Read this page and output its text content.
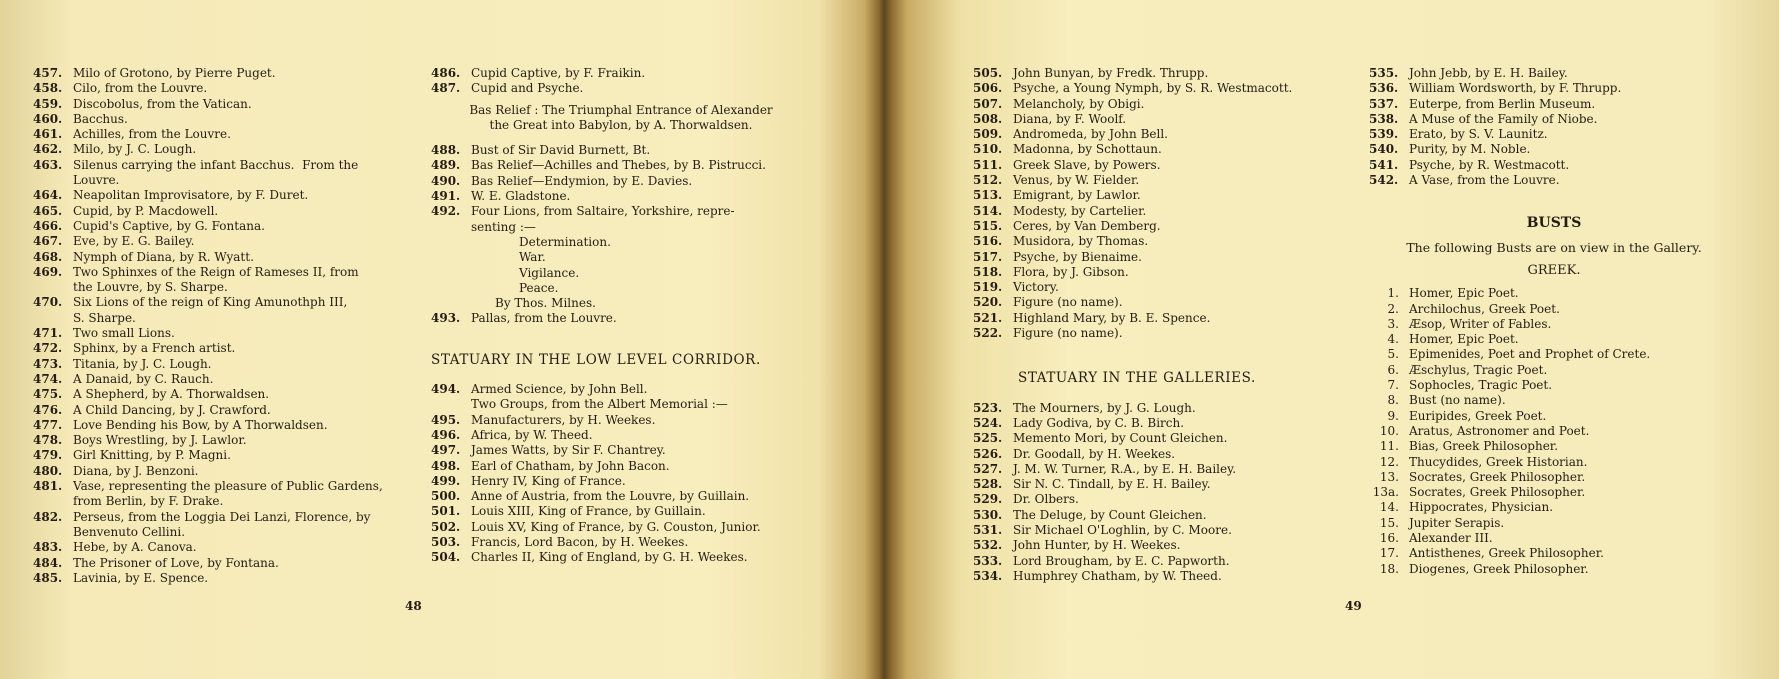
457. Milo of Grotono, by Pierre Puget.
458. Cilo, from the Louvre.
459. Discobolus, from the Vatican.
460. Bacchus.
461. Achilles, from the Louvre.
462. Milo, by J. C. Lough.
463. Silenus carrying the infant Bacchus.  From the
Louvre.
464. Neapolitan Improvisatore, by F. Duret.
465. Cupid, by P. Macdowell.
466. Cupid's Captive, by G. Fontana.
467. Eve, by E. G. Bailey.
468. Nymph of Diana, by R. Wyatt.
469. Two Sphinxes of the Reign of Rameses II, from
the Louvre, by S. Sharpe.
470. Six Lions of the reign of King Amunothph III,
S. Sharpe.
471. Two small Lions.
472. Sphinx, by a French artist.
473. Titania, by J. C. Lough.
474. A Danaid, by C. Rauch.
475. A Shepherd, by A. Thorwaldsen.
476. A Child Dancing, by J. Crawford.
477. Love Bending his Bow, by A Thorwaldsen.
478. Boys Wrestling, by J. Lawlor.
479. Girl Knitting, by P. Magni.
480. Diana, by J. Benzoni.
481. Vase, representing the pleasure of Public Gardens,
from Berlin, by F. Drake.
482. Perseus, from the Loggia Dei Lanzi, Florence, by
Benvenuto Cellini.
483. Hebe, by A. Canova.
484. The Prisoner of Love, by Fontana.
485. Lavinia, by E. Spence.
486. Cupid Captive, by F. Fraikin.
487. Cupid and Psyche.
Bas Relief : The Triumphal Entrance of Alexander
the Great into Babylon, by A. Thorwaldsen.
488. Bust of Sir David Burnett, Bt.
489. Bas Relief—Achilles and Thebes, by B. Pistrucci.
490. Bas Relief—Endymion, by E. Davies.
491. W. E. Gladstone.
492. Four Lions, from Saltaire, Yorkshire, repre-
senting :—
Determination.
War.
Vigilance.
Peace.
By Thos. Milnes.
493. Pallas, from the Louvre.
STATUARY IN THE LOW LEVEL CORRIDOR.
494. Armed Science, by John Bell.
Two Groups, from the Albert Memorial :—
495. Manufacturers, by H. Weekes.
496. Africa, by W. Theed.
497. James Watts, by Sir F. Chantrey.
498. Earl of Chatham, by John Bacon.
499. Henry IV, King of France.
500. Anne of Austria, from the Louvre, by Guillain.
501. Louis XIII, King of France, by Guillain.
502. Louis XV, King of France, by G. Couston, Junior.
503. Francis, Lord Bacon, by H. Weekes.
504. Charles II, King of England, by G. H. Weekes.
48
505. John Bunyan, by Fredk. Thrupp.
506. Psyche, a Young Nymph, by S. R. Westmacott.
507. Melancholy, by Obigi.
508. Diana, by F. Woolf.
509. Andromeda, by John Bell.
510. Madonna, by Schottaun.
511. Greek Slave, by Powers.
512. Venus, by W. Fielder.
513. Emigrant, by Lawlor.
514. Modesty, by Cartelier.
515. Ceres, by Van Demberg.
516. Musidora, by Thomas.
517. Psyche, by Bienaime.
518. Flora, by J. Gibson.
519. Victory.
520. Figure (no name).
521. Highland Mary, by B. E. Spence.
522. Figure (no name).
STATUARY IN THE GALLERIES.
523. The Mourners, by J. G. Lough.
524. Lady Godiva, by C. B. Birch.
525. Memento Mori, by Count Gleichen.
526. Dr. Goodall, by H. Weekes.
527. J. M. W. Turner, R.A., by E. H. Bailey.
528. Sir N. C. Tindall, by E. H. Bailey.
529. Dr. Olbers.
530. The Deluge, by Count Gleichen.
531. Sir Michael O'Loghlin, by C. Moore.
532. John Hunter, by H. Weekes.
533. Lord Brougham, by E. C. Papworth.
534. Humphrey Chatham, by W. Theed.
535. John Jebb, by E. H. Bailey.
536. William Wordsworth, by F. Thrupp.
537. Euterpe, from Berlin Museum.
538. A Muse of the Family of Niobe.
539. Erato, by S. V. Launitz.
540. Purity, by M. Noble.
541. Psyche, by R. Westmacott.
542. A Vase, from the Louvre.
BUSTS
The following Busts are on view in the Gallery.
GREEK.
1. Homer, Epic Poet.
2. Archilochus, Greek Poet.
3. Æsop, Writer of Fables.
4. Homer, Epic Poet.
5. Epimenides, Poet and Prophet of Crete.
6. Æschylus, Tragic Poet.
7. Sophocles, Tragic Poet.
8. Bust (no name).
9. Euripides, Greek Poet.
10. Aratus, Astronomer and Poet.
11. Bias, Greek Philosopher.
12. Thucydides, Greek Historian.
13. Socrates, Greek Philosopher.
13a. Socrates, Greek Philosopher.
14. Hippocrates, Physician.
15. Jupiter Serapis.
16. Alexander III.
17. Antisthenes, Greek Philosopher.
18. Diogenes, Greek Philosopher.
49
